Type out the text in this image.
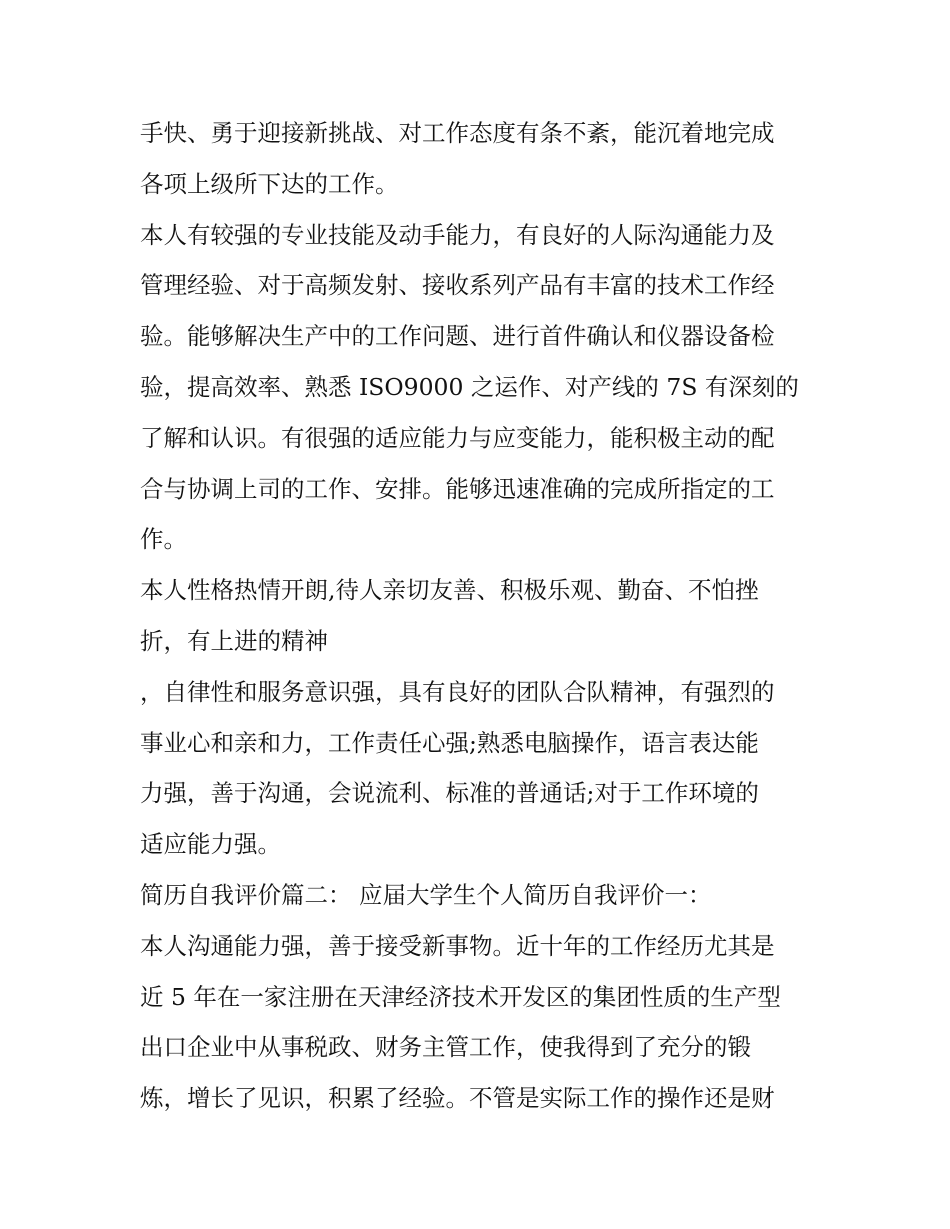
手快、勇于迎接新挑战、对工作态度有条不紊，能沉着地完成
各项上级所下达的工作。
本人有较强的专业技能及动手能力，有良好的人际沟通能力及
管理经验、对于高频发射、接收系列产品有丰富的技术工作经
验。能够解决生产中的工作问题、进行首件确认和仪器设备检
验，提高效率、熟悉 ISO9000 之运作、对产线的 7S 有深刻的
了解和认识。有很强的适应能力与应变能力，能积极主动的配
合与协调上司的工作、安排。能够迅速准确的完成所指定的工
作。
本人性格热情开朗,待人亲切友善、积极乐观、勤奋、不怕挫
折，有上进的精神
，自律性和服务意识强，具有良好的团队合队精神，有强烈的
事业心和亲和力，工作责任心强;熟悉电脑操作，语言表达能
力强，善于沟通，会说流利、标准的普通话;对于工作环境的
适应能力强。
简历自我评价篇二： 应届大学生个人简历自我评价一：
本人沟通能力强，善于接受新事物。近十年的工作经历尤其是
近 5 年在一家注册在天津经济技术开发区的集团性质的生产型
出口企业中从事税政、财务主管工作，使我得到了充分的锻
炼，增长了见识，积累了经验。不管是实际工作的操作还是财
